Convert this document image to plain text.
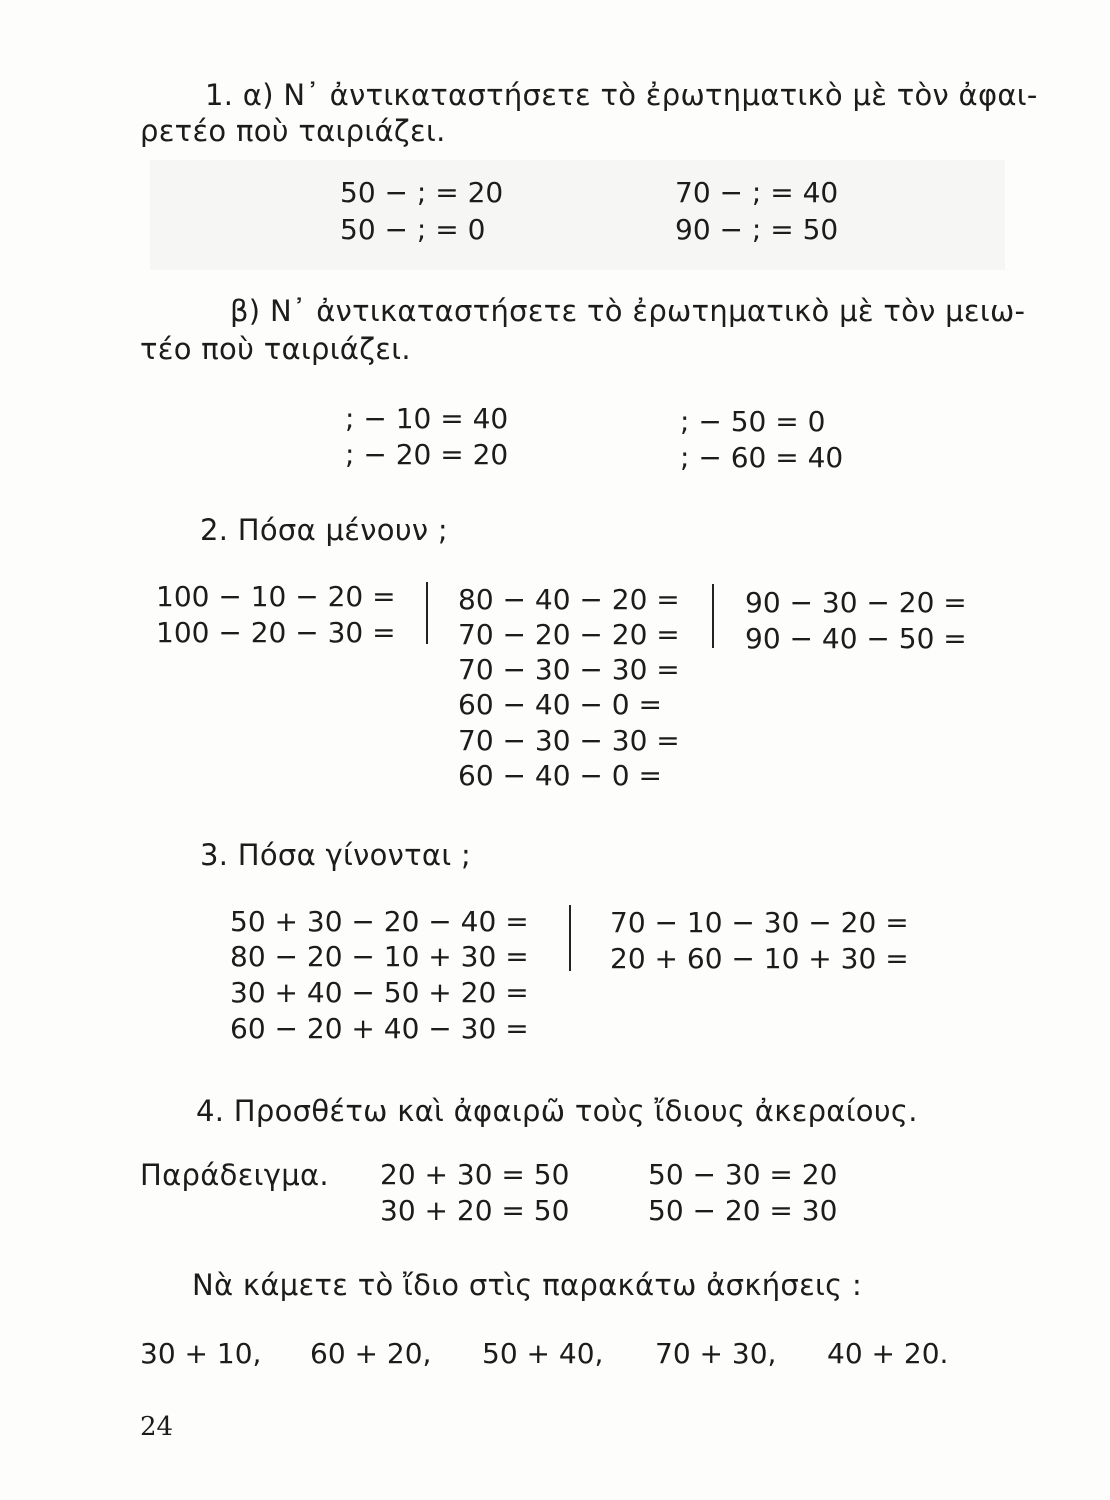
1. α) Ν᾽ ἀντικαταστήσετε τὸ ἐρωτηματικὸ μὲ τὸν ἀφαι-
ρετέο ποὺ ταιριάζει.
50 − ; = 20
50 − ; = 0
70 − ; = 40
90 − ; = 50
β) Ν᾽ ἀντικαταστήσετε τὸ ἐρωτηματικὸ μὲ τὸν μειω-
τέο ποὺ ταιριάζει.
; − 10 = 40
; − 20 = 20
; − 50 = 0
; − 60 = 40
2. Πόσα μένουν ;
100 − 10 − 20 =
100 − 20 − 30 =
80 − 40 − 20 =
70 − 20 − 20 =
70 − 30 − 30 =
60 − 40 − 0 =
70 − 30 − 30 =
60 − 40 − 0 =
90 − 30 − 20 =
90 − 40 − 50 =
3. Πόσα γίνονται ;
50 + 30 − 20 − 40 =
80 − 20 − 10 + 30 =
30 + 40 − 50 + 20 =
60 − 20 + 40 − 30 =
70 − 10 − 30 − 20 =
20 + 60 − 10 + 30 =
4. Προσθέτω καὶ ἀφαιρῶ τοὺς ἴδιους ἀκεραίους.
Παράδειγμα. 20 + 30 = 50
30 + 20 = 50
50 − 30 = 20
50 − 20 = 30
Νὰ κάμετε τὸ ἴδιο στὶς παρακάτω ἀσκήσεις :
30 + 10, 60 + 20, 50 + 40, 70 + 30, 40 + 20.
24
